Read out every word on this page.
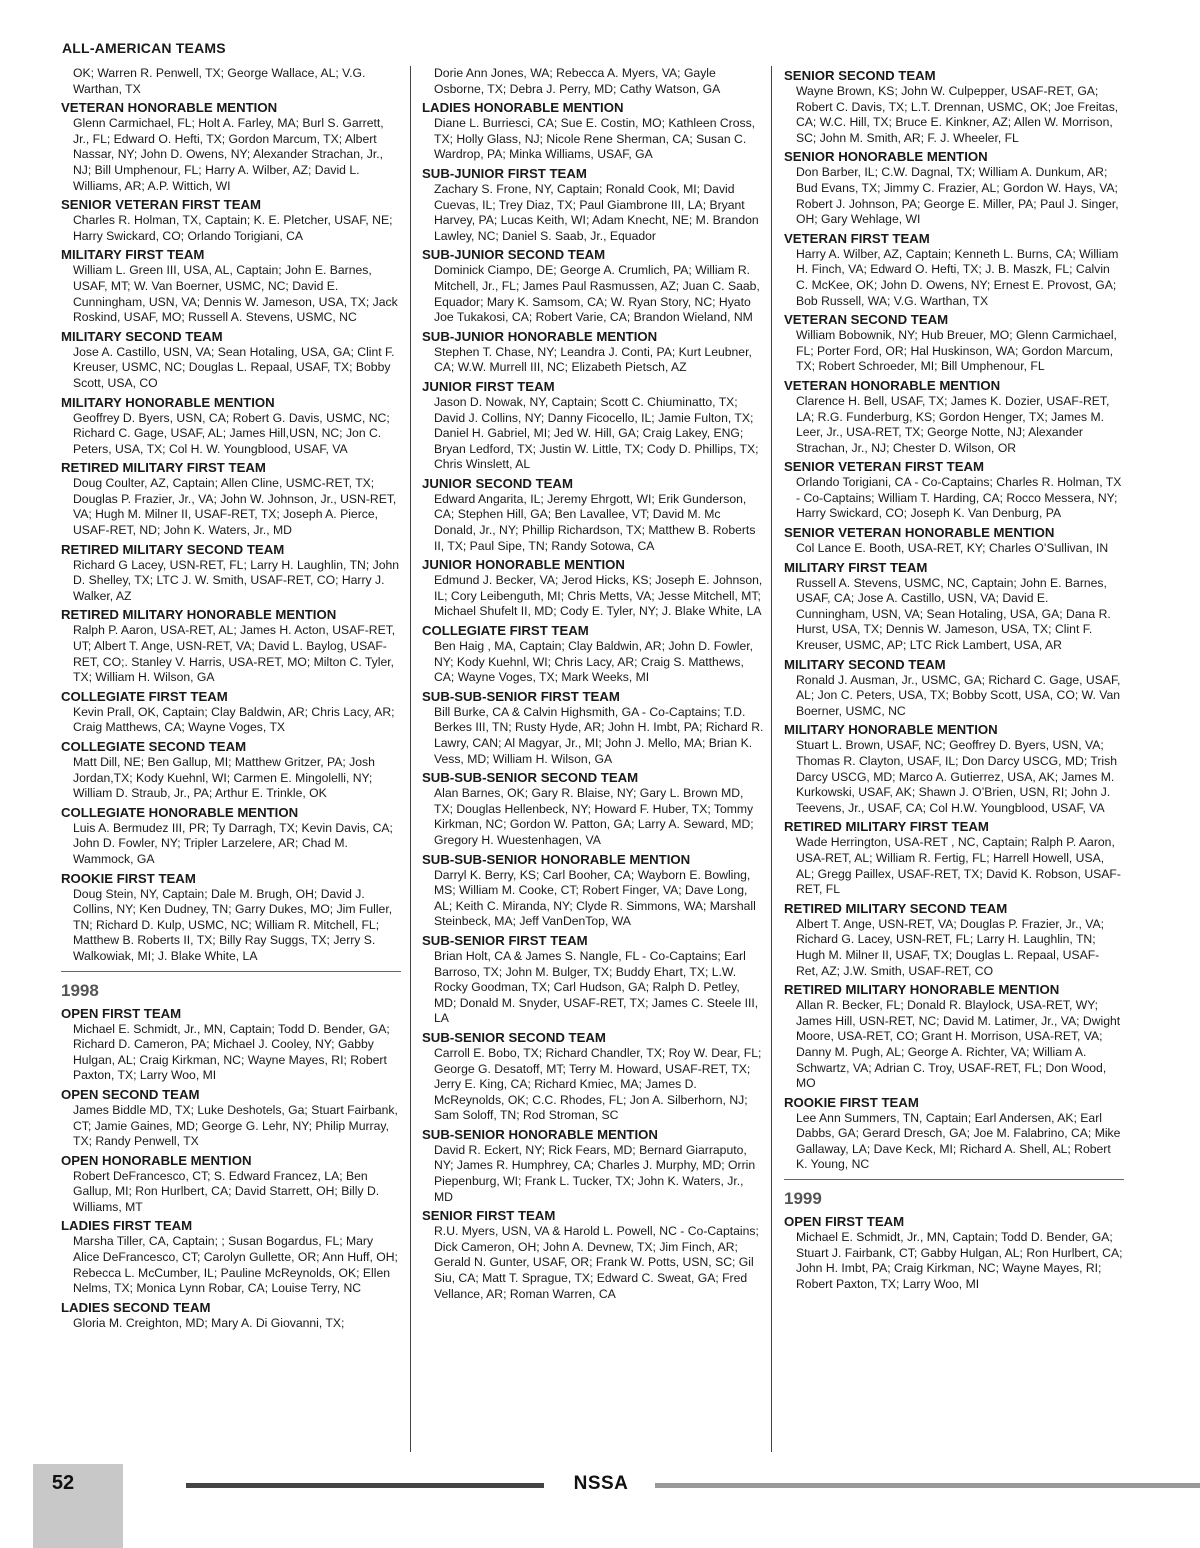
ALL-AMERICAN TEAMS
OK; Warren R. Penwell, TX; George Wallace, AL; V.G. Warthan, TX
VETERAN HONORABLE MENTION
Glenn Carmichael, FL; Holt A. Farley, MA; Burl S. Garrett, Jr., FL; Edward O. Hefti, TX; Gordon Marcum, TX; Albert Nassar, NY; John D. Owens, NY; Alexander Strachan, Jr., NJ; Bill Umphenour, FL; Harry A. Wilber, AZ; David L. Williams, AR; A.P. Wittich, WI
SENIOR VETERAN FIRST TEAM
Charles R. Holman, TX, Captain; K. E. Pletcher, USAF, NE; Harry Swickard, CO; Orlando Torigiani, CA
MILITARY FIRST TEAM
William L. Green III, USA, AL, Captain; John E. Barnes, USAF, MT; W. Van Boerner, USMC, NC; David E. Cunningham, USN, VA; Dennis W. Jameson, USA, TX; Jack Roskind, USAF, MO; Russell A. Stevens, USMC, NC
MILITARY SECOND TEAM
Jose A. Castillo, USN, VA; Sean Hotaling, USA, GA; Clint F. Kreuser, USMC, NC; Douglas L. Repaal, USAF, TX; Bobby Scott, USA, CO
MILITARY HONORABLE MENTION
Geoffrey D. Byers, USN, CA; Robert G. Davis, USMC, NC; Richard C. Gage, USAF, AL; James Hill,USN, NC; Jon C. Peters, USA, TX; Col H. W. Youngblood, USAF, VA
RETIRED MILITARY FIRST TEAM
Doug Coulter, AZ, Captain; Allen Cline, USMC-RET, TX; Douglas P. Frazier, Jr., VA; John W. Johnson, Jr., USN-RET, VA; Hugh M. Milner II, USAF-RET, TX; Joseph A. Pierce, USAF-RET, ND; John K. Waters, Jr., MD
RETIRED MILITARY SECOND TEAM
Richard G Lacey, USN-RET, FL; Larry H. Laughlin, TN; John D. Shelley, TX; LTC J. W. Smith, USAF-RET, CO; Harry J. Walker, AZ
RETIRED MILITARY HONORABLE MENTION
Ralph P. Aaron, USA-RET, AL; James H. Acton, USAF-RET, UT; Albert T. Ange, USN-RET, VA; David L. Baylog, USAF-RET, CO;. Stanley V. Harris, USA-RET, MO; Milton C. Tyler, TX; William H. Wilson, GA
COLLEGIATE FIRST TEAM
Kevin Prall, OK, Captain; Clay Baldwin, AR; Chris Lacy, AR; Craig Matthews, CA; Wayne Voges, TX
COLLEGIATE SECOND TEAM
Matt Dill, NE; Ben Gallup, MI; Matthew Gritzer, PA; Josh Jordan,TX; Kody Kuehnl, WI; Carmen E. Mingolelli, NY; William D. Straub, Jr., PA; Arthur E. Trinkle, OK
COLLEGIATE HONORABLE MENTION
Luis A. Bermudez III, PR; Ty Darragh, TX; Kevin Davis, CA; John D. Fowler, NY; Tripler Larzelere, AR; Chad M. Wammock, GA
ROOKIE FIRST TEAM
Doug Stein, NY, Captain; Dale M. Brugh, OH; David J. Collins, NY; Ken Dudney, TN; Garry Dukes, MO; Jim Fuller, TN; Richard D. Kulp, USMC, NC; William R. Mitchell, FL; Matthew B. Roberts II, TX; Billy Ray Suggs, TX; Jerry S. Walkowiak, MI; J. Blake White, LA
1998
OPEN FIRST TEAM
Michael E. Schmidt, Jr., MN, Captain; Todd D. Bender, GA; Richard D. Cameron, PA; Michael J. Cooley, NY; Gabby Hulgan, AL; Craig Kirkman, NC; Wayne Mayes, RI; Robert Paxton, TX; Larry Woo, MI
OPEN SECOND TEAM
James Biddle MD, TX; Luke Deshotels, Ga; Stuart Fairbank, CT; Jamie Gaines, MD; George G. Lehr, NY; Philip Murray, TX; Randy Penwell, TX
OPEN HONORABLE MENTION
Robert DeFrancesco, CT; S. Edward Francez, LA; Ben Gallup, MI; Ron Hurlbert, CA; David Starrett, OH; Billy D. Williams, MT
LADIES FIRST TEAM
Marsha Tiller, CA, Captain; ; Susan Bogardus, FL; Mary Alice DeFrancesco, CT; Carolyn Gullette, OR; Ann Huff, OH; Rebecca L. McCumber, IL; Pauline McReynolds, OK; Ellen Nelms, TX; Monica Lynn Robar, CA; Louise Terry, NC
LADIES SECOND TEAM
Gloria M. Creighton, MD; Mary A. Di Giovanni, TX;
Dorie Ann Jones, WA; Rebecca A. Myers, VA; Gayle Osborne, TX; Debra J. Perry, MD; Cathy Watson, GA
LADIES HONORABLE MENTION
Diane L. Burriesci, CA; Sue E. Costin, MO; Kathleen Cross, TX; Holly Glass, NJ; Nicole Rene Sherman, CA; Susan C. Wardrop, PA; Minka Williams, USAF, GA
SUB-JUNIOR FIRST TEAM
Zachary S. Frone, NY, Captain; Ronald Cook, MI; David Cuevas, IL; Trey Diaz, TX; Paul Giambrone III, LA; Bryant Harvey, PA; Lucas Keith, WI; Adam Knecht, NE; M. Brandon Lawley, NC; Daniel S. Saab, Jr., Equador
SUB-JUNIOR SECOND TEAM
Dominick Ciampo, DE; George A. Crumlich, PA; William R. Mitchell, Jr., FL; James Paul Rasmussen, AZ; Juan C. Saab, Equador; Mary K. Samsom, CA; W. Ryan Story, NC; Hyato Joe Tukakosi, CA; Robert Varie, CA; Brandon Wieland, NM
SUB-JUNIOR HONORABLE MENTION
Stephen T. Chase, NY; Leandra J. Conti, PA; Kurt Leubner, CA; W.W. Murrell III, NC; Elizabeth Pietsch, AZ
JUNIOR FIRST TEAM
Jason D. Nowak, NY, Captain; Scott C. Chiuminatto, TX; David J. Collins, NY; Danny Ficocello, IL; Jamie Fulton, TX; Daniel H. Gabriel, MI; Jed W. Hill, GA; Craig Lakey, ENG; Bryan Ledford, TX; Justin W. Little, TX; Cody D. Phillips, TX; Chris Winslett, AL
JUNIOR SECOND TEAM
Edward Angarita, IL; Jeremy Ehrgott, WI; Erik Gunderson, CA; Stephen Hill, GA; Ben Lavallee, VT; David M. Mc Donald, Jr., NY; Phillip Richardson, TX; Matthew B. Roberts II, TX; Paul Sipe, TN; Randy Sotowa, CA
JUNIOR HONORABLE MENTION
Edmund J. Becker, VA; Jerod Hicks, KS; Joseph E. Johnson, IL; Cory Leibenguth, MI; Chris Metts, VA; Jesse Mitchell, MT; Michael Shufelt II, MD; Cody E. Tyler, NY; J. Blake White, LA
COLLEGIATE FIRST TEAM
Ben Haig , MA, Captain; Clay Baldwin, AR; John D. Fowler, NY; Kody Kuehnl, WI; Chris Lacy, AR; Craig S. Matthews, CA; Wayne Voges, TX; Mark Weeks, MI
SUB-SUB-SENIOR FIRST TEAM
Bill Burke, CA & Calvin Highsmith, GA - Co-Captains; T.D. Berkes III, TN; Rusty Hyde, AR; John H. Imbt, PA; Richard R. Lawry, CAN; Al Magyar, Jr., MI; John J. Mello, MA; Brian K. Vess, MD; William H. Wilson, GA
SUB-SUB-SENIOR SECOND TEAM
Alan Barnes, OK; Gary R. Blaise, NY; Gary L. Brown MD, TX; Douglas Hellenbeck, NY; Howard F. Huber, TX; Tommy Kirkman, NC; Gordon W. Patton, GA; Larry A. Seward, MD; Gregory H. Wuestenhagen, VA
SUB-SUB-SENIOR HONORABLE MENTION
Darryl K. Berry, KS; Carl Booher, CA; Wayborn E. Bowling, MS; William M. Cooke, CT; Robert Finger, VA; Dave Long, AL; Keith C. Miranda, NY; Clyde R. Simmons, WA; Marshall Steinbeck, MA; Jeff VanDenTop, WA
SUB-SENIOR FIRST TEAM
Brian Holt, CA & James S. Nangle, FL - Co-Captains; Earl Barroso, TX; John M. Bulger, TX; Buddy Ehart, TX; L.W. Rocky Goodman, TX; Carl Hudson, GA; Ralph D. Petley, MD; Donald M. Snyder, USAF-RET, TX; James C. Steele III, LA
SUB-SENIOR SECOND TEAM
Carroll E. Bobo, TX; Richard Chandler, TX; Roy W. Dear, FL; George G. Desatoff, MT; Terry M. Howard, USAF-RET, TX; Jerry E. King, CA; Richard Kmiec, MA; James D. McReynolds, OK; C.C. Rhodes, FL; Jon A. Silberhorn, NJ; Sam Soloff, TN; Rod Stroman, SC
SUB-SENIOR HONORABLE MENTION
David R. Eckert, NY; Rick Fears, MD; Bernard Giarraputo, NY; James R. Humphrey, CA; Charles J. Murphy, MD; Orrin Piepenburg, WI; Frank L. Tucker, TX; John K. Waters, Jr., MD
SENIOR FIRST TEAM
R.U. Myers, USN, VA & Harold L. Powell, NC - Co-Captains; Dick Cameron, OH; John A. Devnew, TX; Jim Finch, AR; Gerald N. Gunter, USAF, OR; Frank W. Potts, USN, SC; Gil Siu, CA; Matt T. Sprague, TX; Edward C. Sweat, GA; Fred Vellance, AR; Roman Warren, CA
SENIOR SECOND TEAM
Wayne Brown, KS; John W. Culpepper, USAF-RET, GA; Robert C. Davis, TX; L.T. Drennan, USMC, OK; Joe Freitas, CA; W.C. Hill, TX; Bruce E. Kinkner, AZ; Allen W. Morrison, SC; John M. Smith, AR; F. J. Wheeler, FL
SENIOR HONORABLE MENTION
Don Barber, IL; C.W. Dagnal, TX; William A. Dunkum, AR; Bud Evans, TX; Jimmy C. Frazier, AL; Gordon W. Hays, VA; Robert J. Johnson, PA; George E. Miller, PA; Paul J. Singer, OH; Gary Wehlage, WI
VETERAN FIRST TEAM
Harry A. Wilber, AZ, Captain; Kenneth L. Burns, CA; William H. Finch, VA; Edward O. Hefti, TX; J. B. Maszk, FL; Calvin C. McKee, OK; John D. Owens, NY; Ernest E. Provost, GA; Bob Russell, WA; V.G. Warthan, TX
VETERAN SECOND TEAM
William Bobownik, NY; Hub Breuer, MO; Glenn Carmichael, FL; Porter Ford, OR; Hal Huskinson, WA; Gordon Marcum, TX; Robert Schroeder, MI; Bill Umphenour, FL
VETERAN HONORABLE MENTION
Clarence H. Bell, USAF, TX; James K. Dozier, USAF-RET, LA; R.G. Funderburg, KS; Gordon Henger, TX; James M. Leer, Jr., USA-RET, TX; George Notte, NJ; Alexander Strachan, Jr., NJ; Chester D. Wilson, OR
SENIOR VETERAN FIRST TEAM
Orlando Torigiani, CA - Co-Captains; Charles R. Holman, TX - Co-Captains; William T. Harding, CA; Rocco Messera, NY; Harry Swickard, CO; Joseph K. Van Denburg, PA
SENIOR VETERAN HONORABLE MENTION
Col Lance E. Booth, USA-RET, KY; Charles O’Sullivan, IN
MILITARY FIRST TEAM
Russell A. Stevens, USMC, NC, Captain; John E. Barnes, USAF, CA; Jose A. Castillo, USN, VA; David E. Cunningham, USN, VA; Sean Hotaling, USA, GA; Dana R. Hurst, USA, TX; Dennis W. Jameson, USA, TX; Clint F. Kreuser, USMC, AP; LTC Rick Lambert, USA, AR
MILITARY SECOND TEAM
Ronald J. Ausman, Jr., USMC, GA; Richard C. Gage, USAF, AL; Jon C. Peters, USA, TX; Bobby Scott, USA, CO; W. Van Boerner, USMC, NC
MILITARY HONORABLE MENTION
Stuart L. Brown, USAF, NC; Geoffrey D. Byers, USN, VA; Thomas R. Clayton, USAF, IL; Don Darcy USCG, MD; Trish Darcy USCG, MD; Marco A. Gutierrez, USA, AK; James M. Kurkowski, USAF, AK; Shawn J. O’Brien, USN, RI; John J. Teevens, Jr., USAF, CA; Col H.W. Youngblood, USAF, VA
RETIRED MILITARY FIRST TEAM
Wade Herrington, USA-RET , NC, Captain; Ralph P. Aaron, USA-RET, AL; William R. Fertig, FL; Harrell Howell, USA, AL; Gregg Paillex, USAF-RET, TX; David K. Robson, USAF-RET, FL
RETIRED MILITARY SECOND TEAM
Albert T. Ange, USN-RET, VA; Douglas P. Frazier, Jr., VA; Richard G. Lacey, USN-RET, FL; Larry H. Laughlin, TN; Hugh M. Milner II, USAF, TX; Douglas L. Repaal, USAF- Ret, AZ; J.W. Smith, USAF-RET, CO
RETIRED MILITARY HONORABLE MENTION
Allan R. Becker, FL; Donald R. Blaylock, USA-RET, WY; James Hill, USN-RET, NC; David M. Latimer, Jr., VA; Dwight Moore, USA-RET, CO; Grant H. Morrison, USA-RET, VA; Danny M. Pugh, AL; George A. Richter, VA; William A. Schwartz, VA; Adrian C. Troy, USAF-RET, FL; Don Wood, MO
ROOKIE FIRST TEAM
Lee Ann Summers, TN, Captain; Earl Andersen, AK; Earl Dabbs, GA; Gerard Dresch, GA; Joe M. Falabrino, CA; Mike Gallaway, LA; Dave Keck, MI; Richard A. Shell, AL; Robert K. Young, NC
1999
OPEN FIRST TEAM
Michael E. Schmidt, Jr., MN, Captain; Todd D. Bender, GA; Stuart J. Fairbank, CT; Gabby Hulgan, AL; Ron Hurlbert, CA; John H. Imbt, PA; Craig Kirkman, NC; Wayne Mayes, RI; Robert Paxton, TX; Larry Woo, MI
52	NSSA
